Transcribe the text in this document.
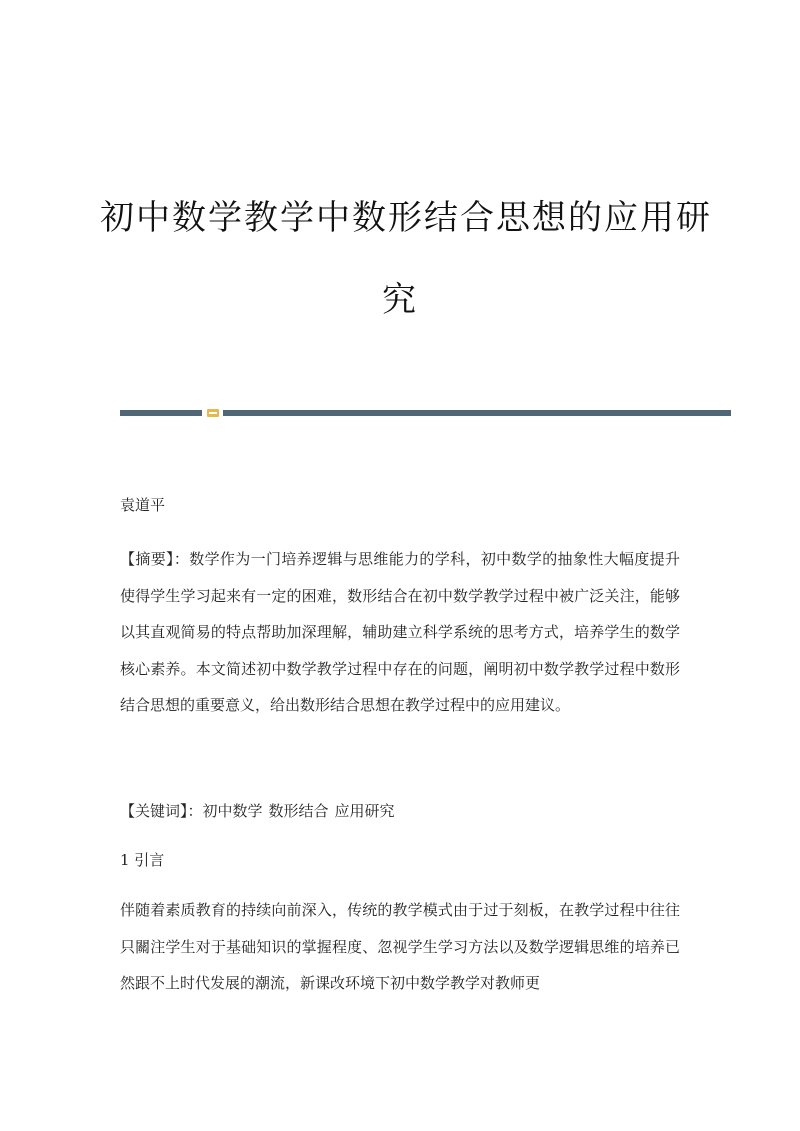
初中数学教学中数形结合思想的应用研
究
袁道平
【摘要】：数学作为一门培养逻辑与思维能力的学科，初中数学的抽象性大幅度提升使得学生学习起来有一定的困难，数形结合在初中数学教学过程中被广泛关注，能够以其直观简易的特点帮助加深理解，辅助建立科学系统的思考方式，培养学生的数学核心素养。本文简述初中数学教学过程中存在的问题，阐明初中数学教学过程中数形结合思想的重要意义，给出数形结合思想在教学过程中的应用建议。
【关键词】：初中数学 数形结合 应用研究
1 引言
伴随着素质教育的持续向前深入，传统的教学模式由于过于刻板，在教学过程中往往只關注学生对于基础知识的掌握程度、忽视学生学习方法以及数学逻辑思维的培养已然跟不上时代发展的潮流，新课改环境下初中数学教学对教师更
